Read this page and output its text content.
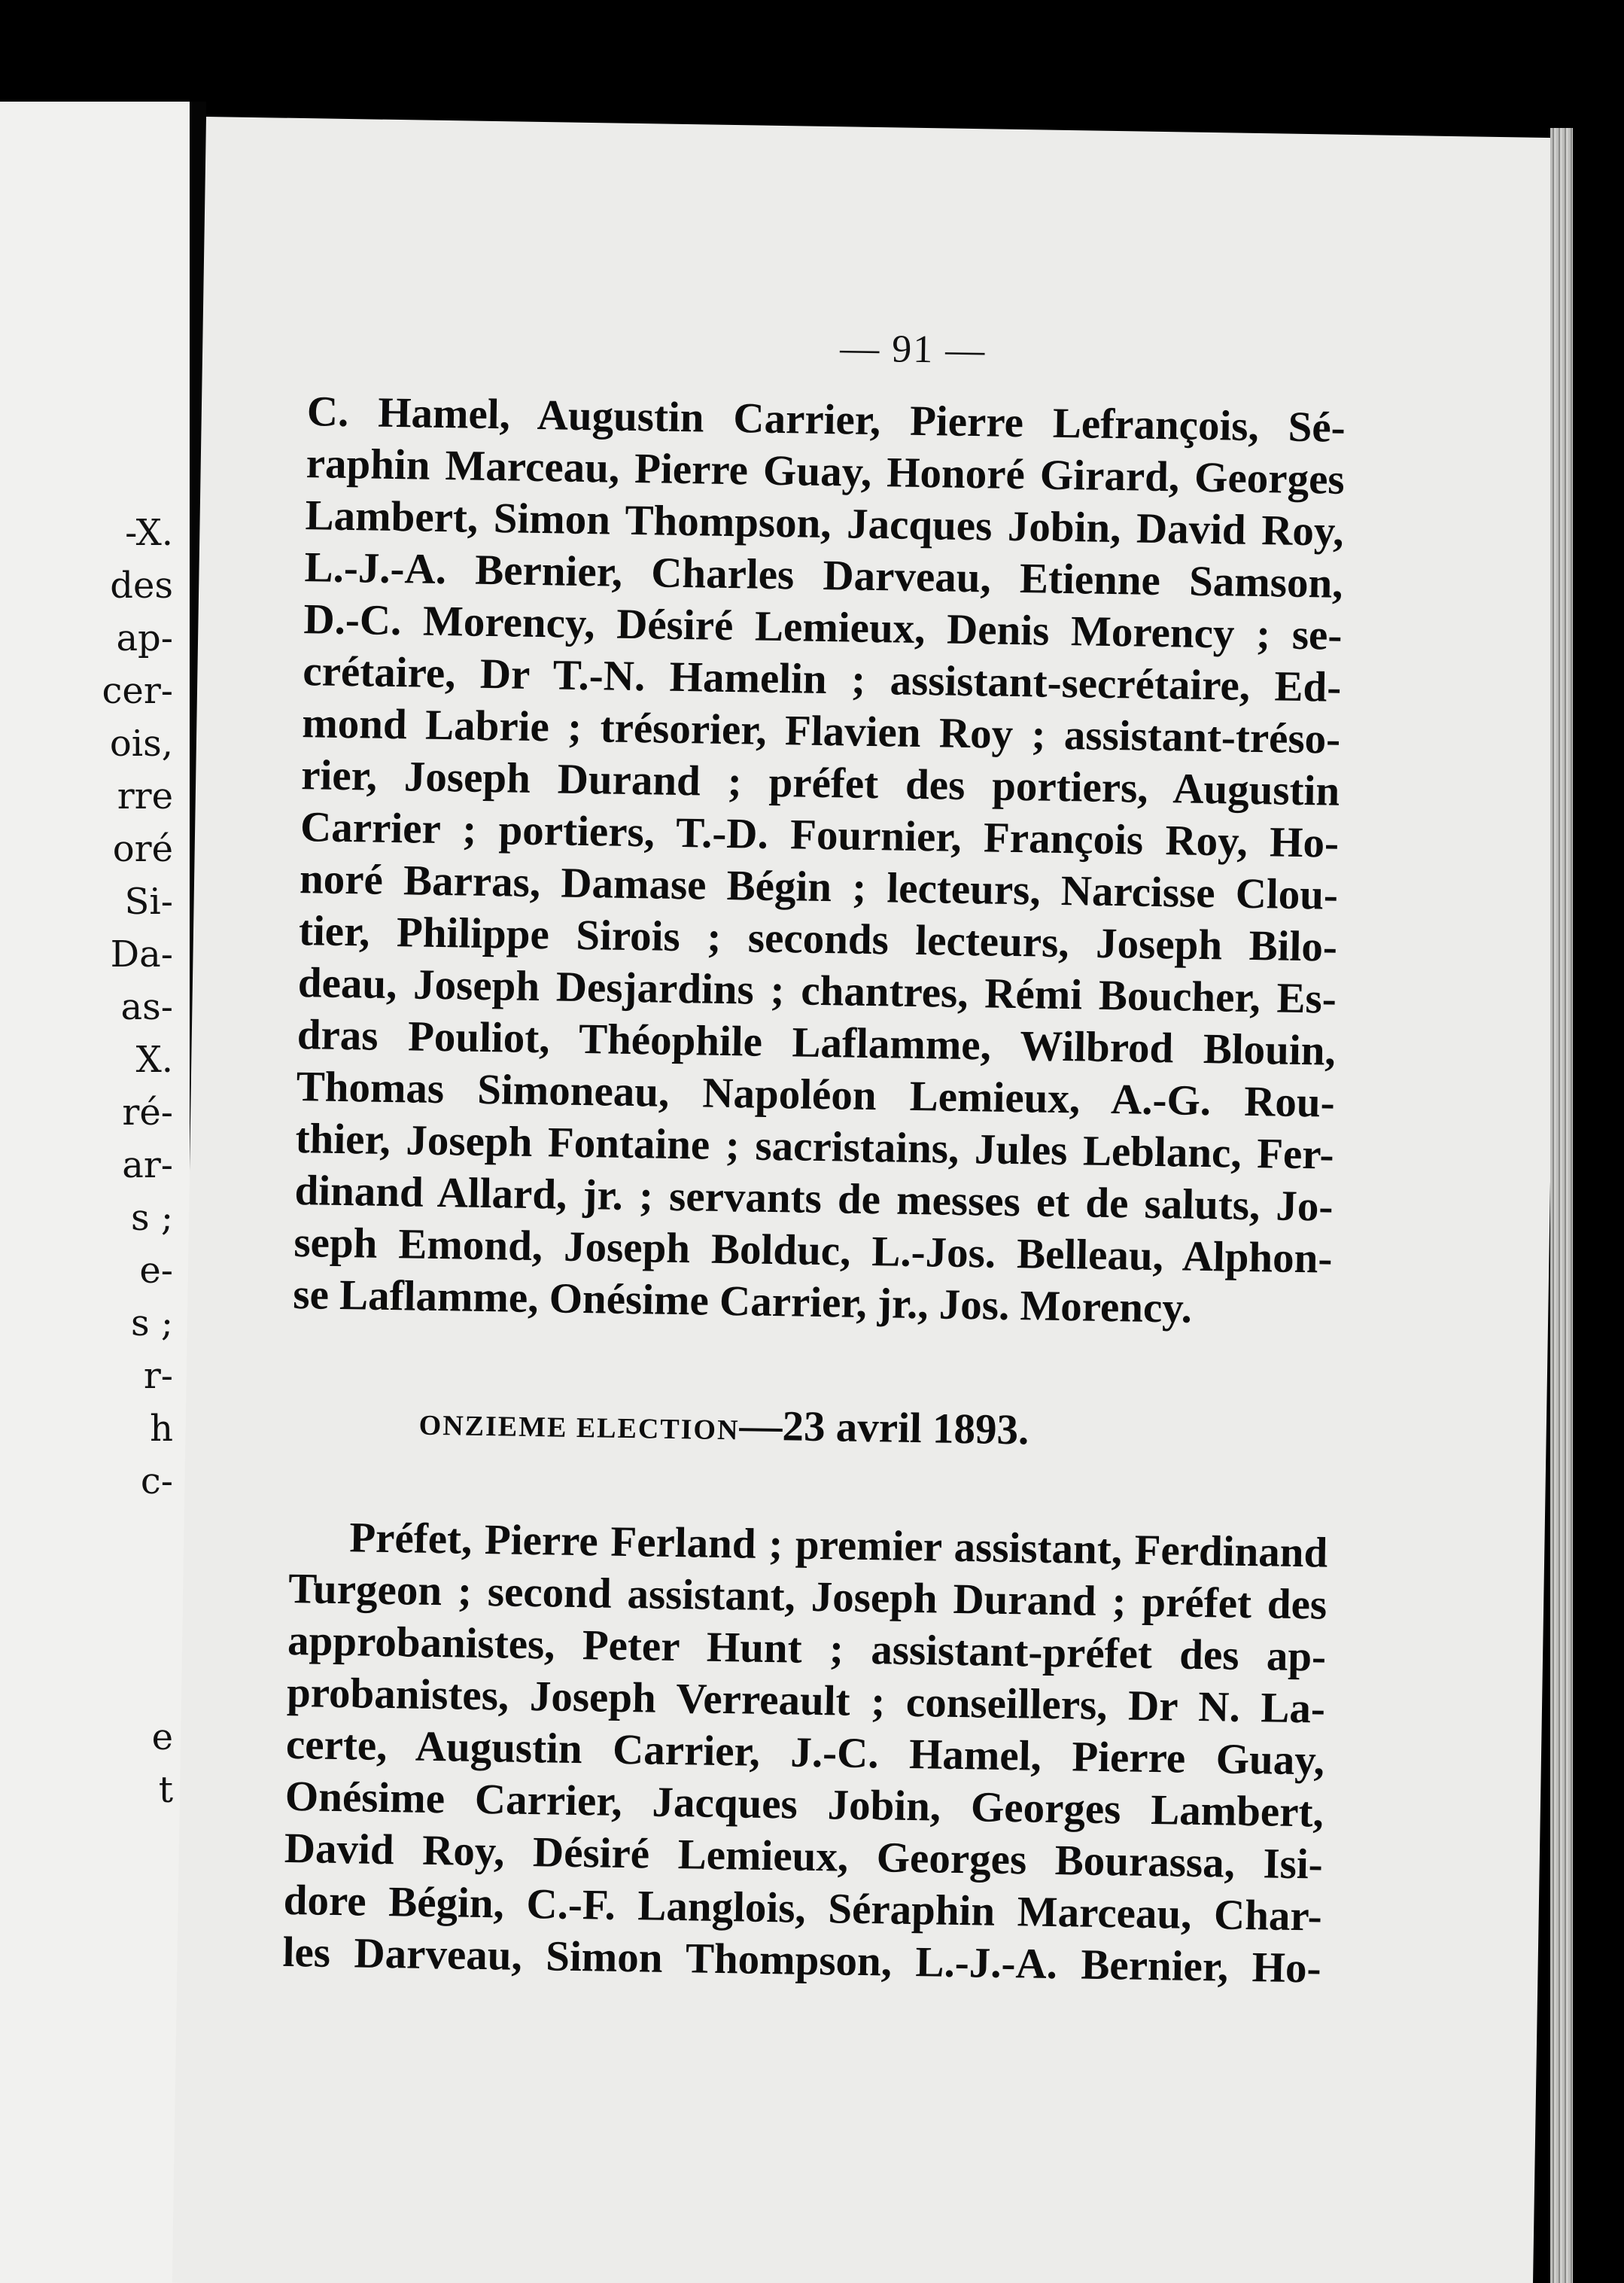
-X.
des
ap-
cer-
ois,
rre
oré
Si-
Da-
as-
X.
ré-
ar-
s ;
e-
s ;
r-
h
c-
e
t
— 91 —
C. Hamel, Augustin Carrier, Pierre Lefrançois, Sé-
raphin Marceau, Pierre Guay, Honoré Girard, Georges
Lambert, Simon Thompson, Jacques Jobin, David Roy,
L.-J.-A. Bernier, Charles Darveau, Etienne Samson,
D.-C. Morency, Désiré Lemieux, Denis Morency ; se-
crétaire, Dr T.-N. Hamelin ; assistant-secrétaire, Ed-
mond Labrie ; trésorier, Flavien Roy ; assistant-tréso-
rier, Joseph Durand ; préfet des portiers, Augustin
Carrier ; portiers, T.-D. Fournier, François Roy, Ho-
noré Barras, Damase Bégin ; lecteurs, Narcisse Clou-
tier, Philippe Sirois ; seconds lecteurs, Joseph Bilo-
deau, Joseph Desjardins ; chantres, Rémi Boucher, Es-
dras Pouliot, Théophile Laflamme, Wilbrod Blouin,
Thomas Simoneau, Napoléon Lemieux, A.-G. Rou-
thier, Joseph Fontaine ; sacristains, Jules Leblanc, Fer-
dinand Allard, jr. ; servants de messes et de saluts, Jo-
seph Emond, Joseph Bolduc, L.-Jos. Belleau, Alphon-
se Laflamme, Onésime Carrier, jr., Jos. Morency.
ONZIEME ELECTION—23 avril 1893.
Préfet, Pierre Ferland ; premier assistant, Ferdinand
Turgeon ; second assistant, Joseph Durand ; préfet des
approbanistes, Peter Hunt ; assistant-préfet des ap-
probanistes, Joseph Verreault ; conseillers, Dr N. La-
certe, Augustin Carrier, J.-C. Hamel, Pierre Guay,
Onésime Carrier, Jacques Jobin, Georges Lambert,
David Roy, Désiré Lemieux, Georges Bourassa, Isi-
dore Bégin, C.-F. Langlois, Séraphin Marceau, Char-
les Darveau, Simon Thompson, L.-J.-A. Bernier, Ho-
